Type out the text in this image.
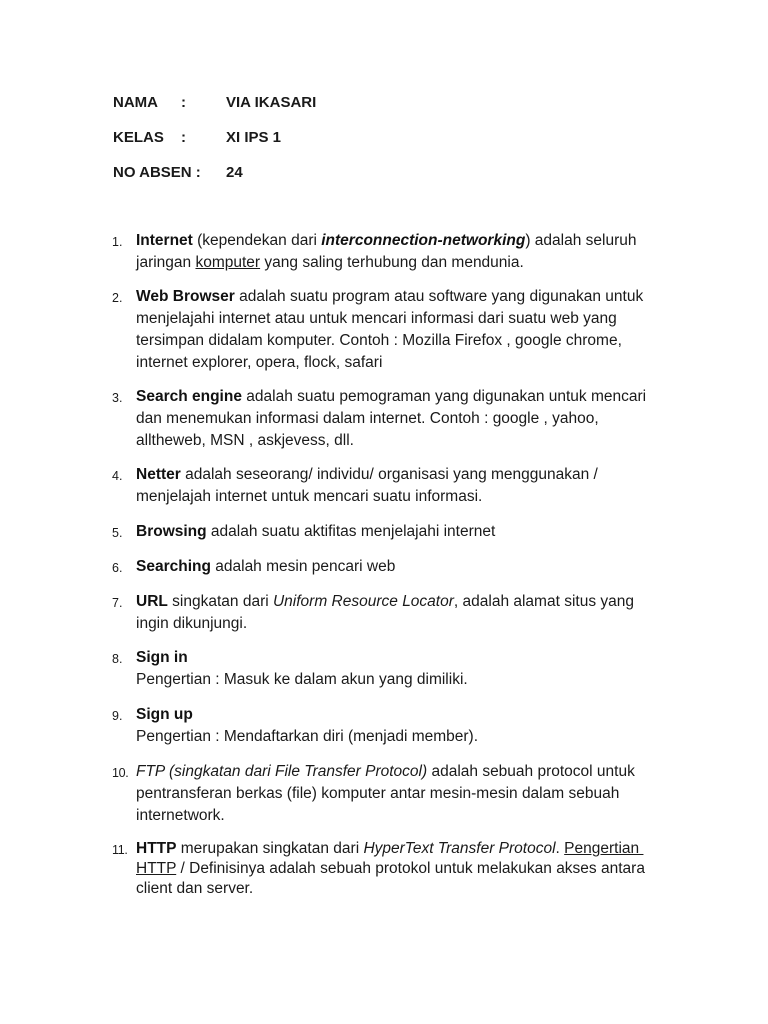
NAMA :	VIA IKASARI
KELAS :	XI IPS 1
NO ABSEN : 24
1. Internet (kependekan dari interconnection-networking) adalah seluruh
jaringan komputer yang saling terhubung dan mendunia.
2. Web Browser adalah suatu program atau software yang digunakan untuk
menjelajahi internet atau untuk mencari informasi dari suatu web yang
tersimpan didalam komputer. Contoh : Mozilla Firefox , google chrome,
internet explorer, opera, flock, safari
3. Search engine adalah suatu pemograman yang digunakan untuk mencari
dan menemukan informasi dalam internet. Contoh : google , yahoo,
alltheweb, MSN , askjevess, dll.
4. Netter adalah seseorang/ individu/ organisasi yang menggunakan /
menjelajah internet untuk mencari suatu informasi.
5. Browsing adalah suatu aktifitas menjelajahi internet
6. Searching adalah mesin pencari web
7. URL singkatan dari Uniform Resource Locator, adalah alamat situs yang
ingin dikunjungi.
8. Sign in
Pengertian : Masuk ke dalam akun yang dimiliki.
9. Sign up
Pengertian : Mendaftarkan diri (menjadi member).
10. FTP (singkatan dari File Transfer Protocol) adalah sebuah protocol untuk
pentransferan berkas (file) komputer antar mesin-mesin dalam sebuah
internetwork.
11. HTTP merupakan singkatan dari HyperText Transfer Protocol. Pengertian
HTTP / Definisinya adalah sebuah protokol untuk melakukan akses antara
client dan server.
